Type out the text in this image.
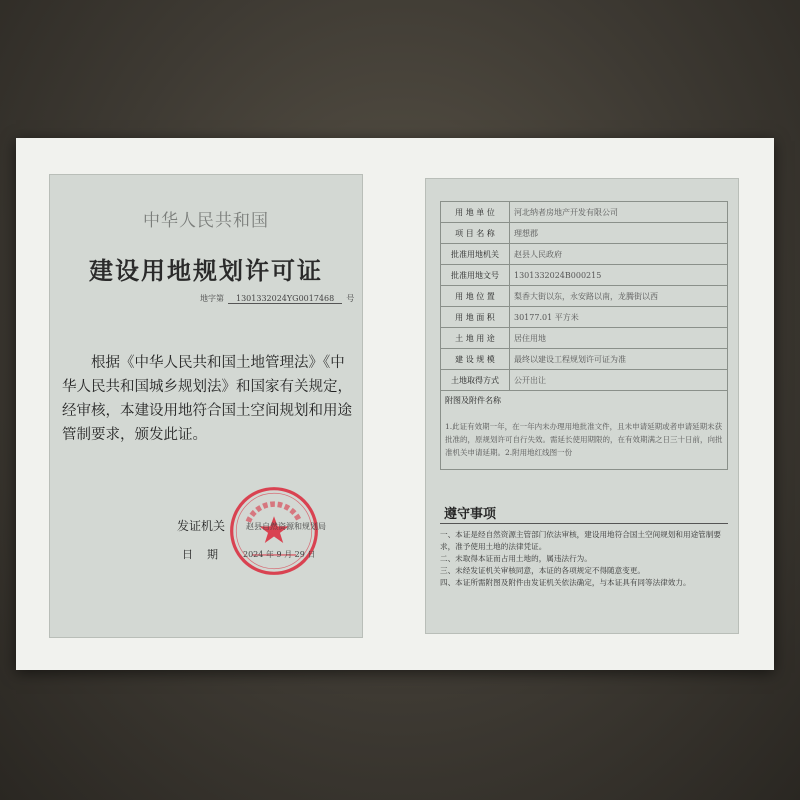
中华人民共和国
建设用地规划许可证
地字第 1301332024YG0017468 号
根据《中华人民共和国土地管理法》《中华人民共和国城乡规划法》和国家有关规定，经审核，本建设用地符合国土空间规划和用途管制要求，颁发此证。
发证机关	赵县自然资源和规划局
日期 2024 年 9 月 29 日
用 地 单 位	河北纳者房地产开发有限公司
项 目 名 称	理想郡
批准用地机关	赵县人民政府
批准用地文号	1301332024B000215
用 地 位 置	梨香大街以东，永安路以南，龙腾街以西
用 地 面 积	30177.01 平方米
土 地 用 途	居住用地
建 设 规 模	最终以建设工程规划许可证为准
土地取得方式	公开出让

附图及附件名称
1.此证有效期一年，在一年内未办理用地批准文件，且未申请延期或者申请延期未获批准的，原规划许可自行失效。需延长使用期限的，在有效期满之日三十日前，向批准机关申请延期。2.附用地红线图一份	
遵守事项
一、本证是经自然资源主管部门依法审核，建设用地符合国土空间规划和用途管制要求，准予使用土地的法律凭证。
二、未取得本证而占用土地的，属违法行为。
三、未经发证机关审核同意，本证的各项规定不得随意变更。
四、本证所需附图及附件由发证机关依法确定，与本证具有同等法律效力。
